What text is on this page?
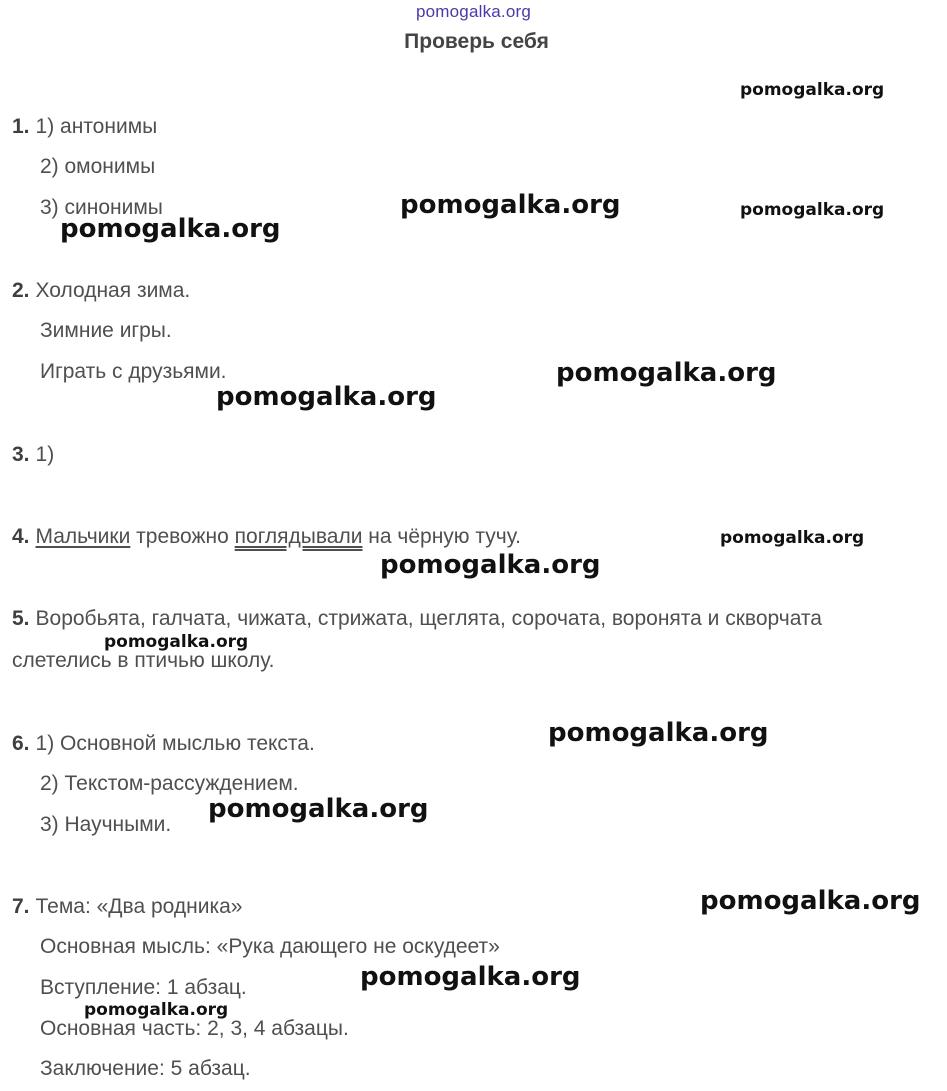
pomogalka.org
Проверь себя
1. 1) антонимы
2) омонимы
3) синонимы
2. Холодная зима.
Зимние игры.
Играть с друзьями.
3. 1)
4. Мальчики тревожно поглядывали на чёрную тучу.
5. Воробьята, галчата, чижата, стрижата, щеглята, сорочата, воронята и скворчата
слетелись в птичью школу.
6. 1) Основной мыслью текста.
2) Текстом-рассуждением.
3) Научными.
7. Тема: «Два родника»
Основная мысль: «Рука дающего не оскудеет»
Вступление: 1 абзац.
Основная часть: 2, 3, 4 абзацы.
Заключение: 5 абзац.
pomogalka.org
pomogalka.org	pomogalka.org
pomogalka.org
pomogalka.org
pomogalka.org
pomogalka.org
pomogalka.org
pomogalka.org
pomogalka.org
pomogalka.org
pomogalka.org
pomogalka.org
pomogalka.org
